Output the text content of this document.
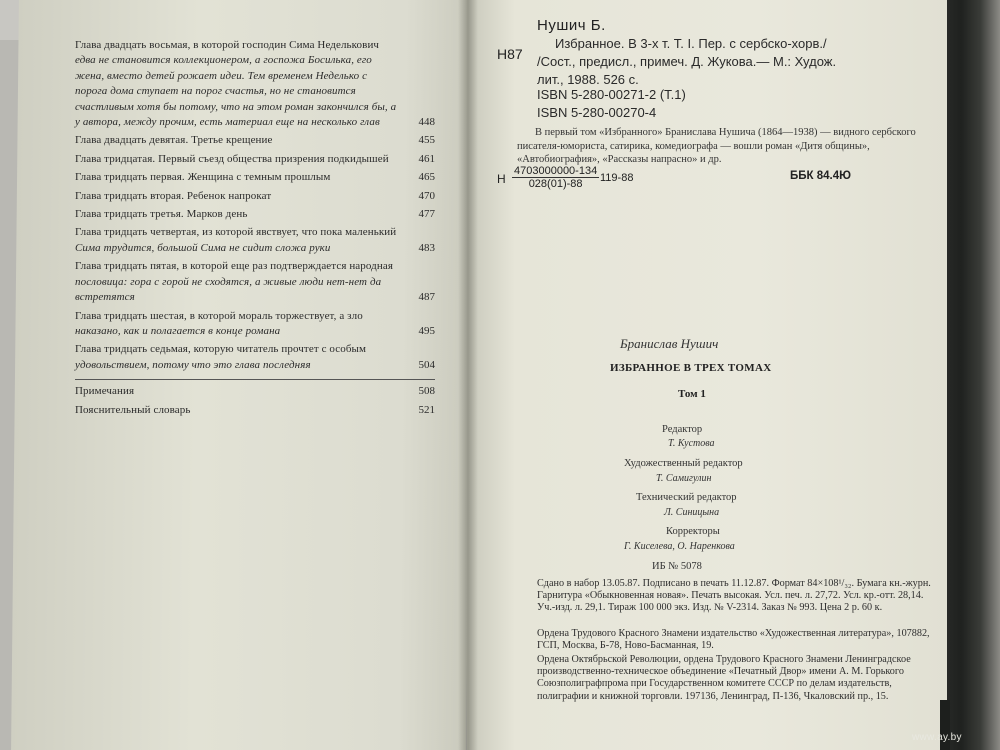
Глава двадцать восьмая, в которой господин Сима Неделькович едва не становится коллекционером, а госпожа Босилька, его жена, вместо детей рожает идеи. Тем временем Неделько с порога дома ступает на порог счастья, но не становится счастливым хотя бы потому, что на этом роман закончился бы, а у автора, между прочим, есть материал еще на несколько глав	448
Глава двадцать девятая. Третье крещение	455
Глава тридцатая. Первый съезд общества призрения подкидышей	461
Глава тридцать первая. Женщина с темным прошлым	465
Глава тридцать вторая. Ребенок напрокат	470
Глава тридцать третья. Марков день	477
Глава тридцать четвертая, из которой явствует, что пока маленький Сима трудится, большой Сима не сидит сложа руки	483
Глава тридцать пятая, в которой еще раз подтверждается народная пословица: гора с горой не сходятся, а живые люди нет-нет да встретятся	487
Глава тридцать шестая, в которой мораль торжествует, а зло наказано, как и полагается в конце романа	495
Глава тридцать седьмая, которую читатель прочтет с особым удовольствием, потому что это глава последняя	504
Примечания	508
Пояснительный словарь	521
Нушич Б.
Н87
Избранное. В 3-х т. Т. I. Пер. с сербско-хорв./
/Сост., предисл., примеч. Д. Жукова.— М.: Худож.
лит., 1988. 526 с.
ISBN 5-280-00271-2 (Т.1)
ISBN 5-280-00270-4
В первый том «Избранного» Бранислава Нушича (1864—1938) — видного сербского писателя-юмориста, сатирика, комедиографа — вошли роман «Дитя общины», «Автобиография», «Рассказы напрасно» и др.
Н $\frac{4703000000-134}{028(01)-88} 119-88$	ББК 84.4Ю
Бранислав Нушич
ИЗБРАННОЕ В ТРЕХ ТОМАХ
Том 1
Редактор
Т. Кустова
Художественный редактор
Т. Самигулин
Технический редактор
Л. Синицына
Корректоры
Г. Киселева, О. Наренкова
ИБ № 5078
Сдано в набор 13.05.87. Подписано в печать 11.12.87. Формат 84×108¹/₃₂. Бумага кн.-журн. Гарнитура «Обыкновенная новая». Печать высокая. Усл. печ. л. 27,72. Усл. кр.-отт. 28,14. Уч.-изд. л. 29,1. Тираж 100 000 экз. Изд. № V-2314. Заказ № 993. Цена 2 р. 60 к.
Ордена Трудового Красного Знамени издательство «Художественная литература», 107882, ГСП, Москва, Б-78, Ново-Басманная, 19.
Ордена Октябрьской Революции, ордена Трудового Красного Знамени Ленинградское производственно-техническое объединение «Печатный Двор» имени А. М. Горького Союзполиграфпрома при Государственном комитете СССР по делам издательств, полиграфии и книжной торговли. 197136, Ленинград, П-136, Чкаловский пр., 15.
www.ay.by
